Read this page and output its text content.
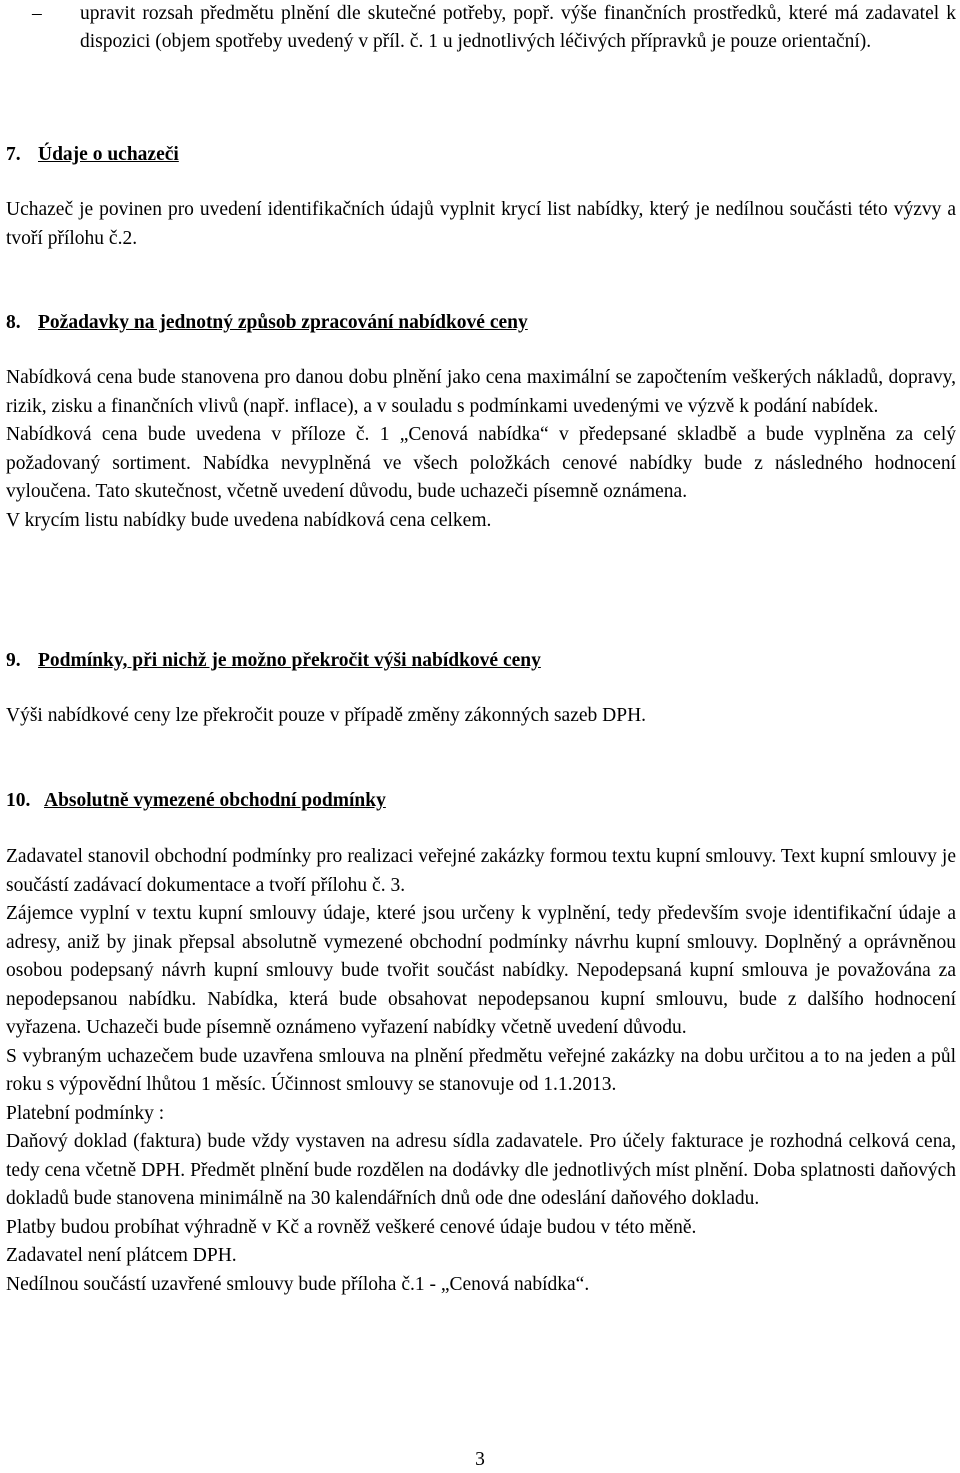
– upravit rozsah předmětu plnění dle skutečné potřeby, popř. výše finančních prostředků, které má zadavatel k dispozici (objem spotřeby uvedený v příl. č. 1 u jednotlivých léčivých přípravků je pouze orientační).
7. Údaje o uchazeči

Uchazeč je povinen pro uvedení identifikačních údajů vyplnit krycí list nabídky, který je nedílnou součásti této výzvy a tvoří přílohu č.2.

8. Požadavky na jednotný způsob zpracování nabídkové ceny

Nabídková cena bude stanovena pro danou dobu plnění jako cena maximální se započtením veškerých nákladů, dopravy, rizik, zisku a finančních vlivů (např. inflace), a v souladu s podmínkami uvedenými ve výzvě k podání nabídek.

Nabídková cena bude uvedena v příloze č. 1 „Cenová nabídka“ v předepsané skladbě a bude vyplněna za celý požadovaný sortiment. Nabídka nevyplněná ve všech položkách cenové nabídky bude z následného hodnocení vyloučena. Tato skutečnost, včetně uvedení důvodu, bude uchazeči písemně oznámena.

V krycím listu nabídky bude uvedena nabídková cena celkem.

9. Podmínky, při nichž je možno překročit výši nabídkové ceny

Výši nabídkové ceny lze překročit pouze v případě změny zákonných sazeb DPH.

10. Absolutně vymezené obchodní podmínky

Zadavatel stanovil obchodní podmínky pro realizaci veřejné zakázky formou textu kupní smlouvy. Text kupní smlouvy je součástí zadávací dokumentace a tvoří přílohu č. 3.

Zájemce vyplní v textu kupní smlouvy údaje, které jsou určeny k vyplnění, tedy především svoje identifikační údaje a adresy, aniž by jinak přepsal absolutně vymezené obchodní podmínky návrhu kupní smlouvy. Doplněný a oprávněnou osobou podepsaný návrh kupní smlouvy bude tvořit součást nabídky. Nepodepsaná kupní smlouva je považována za nepodepsanou nabídku. Nabídka, která bude obsahovat nepodepsanou kupní smlouvu, bude z dalšího hodnocení vyřazena. Uchazeči bude písemně oznámeno vyřazení nabídky včetně uvedení důvodu.

S vybraným uchazečem bude uzavřena smlouva na plnění předmětu veřejné zakázky na dobu určitou a to na jeden a půl roku s výpovědní lhůtou 1 měsíc. Účinnost smlouvy se stanovuje od 1.1.2013.

Platební podmínky :

Daňový doklad (faktura) bude vždy vystaven na adresu sídla zadavatele. Pro účely fakturace je rozhodná celková cena, tedy cena včetně DPH. Předmět plnění bude rozdělen na dodávky dle jednotlivých míst plnění. Doba splatnosti daňových dokladů bude stanovena minimálně na 30 kalendářních dnů ode dne odeslání daňového dokladu.

Platby budou probíhat výhradně v Kč a rovněž veškeré cenové údaje budou v této měně.

Zadavatel není plátcem DPH.

Nedílnou součástí uzavřené smlouvy bude příloha č.1 - „Cenová nabídka“.

3
